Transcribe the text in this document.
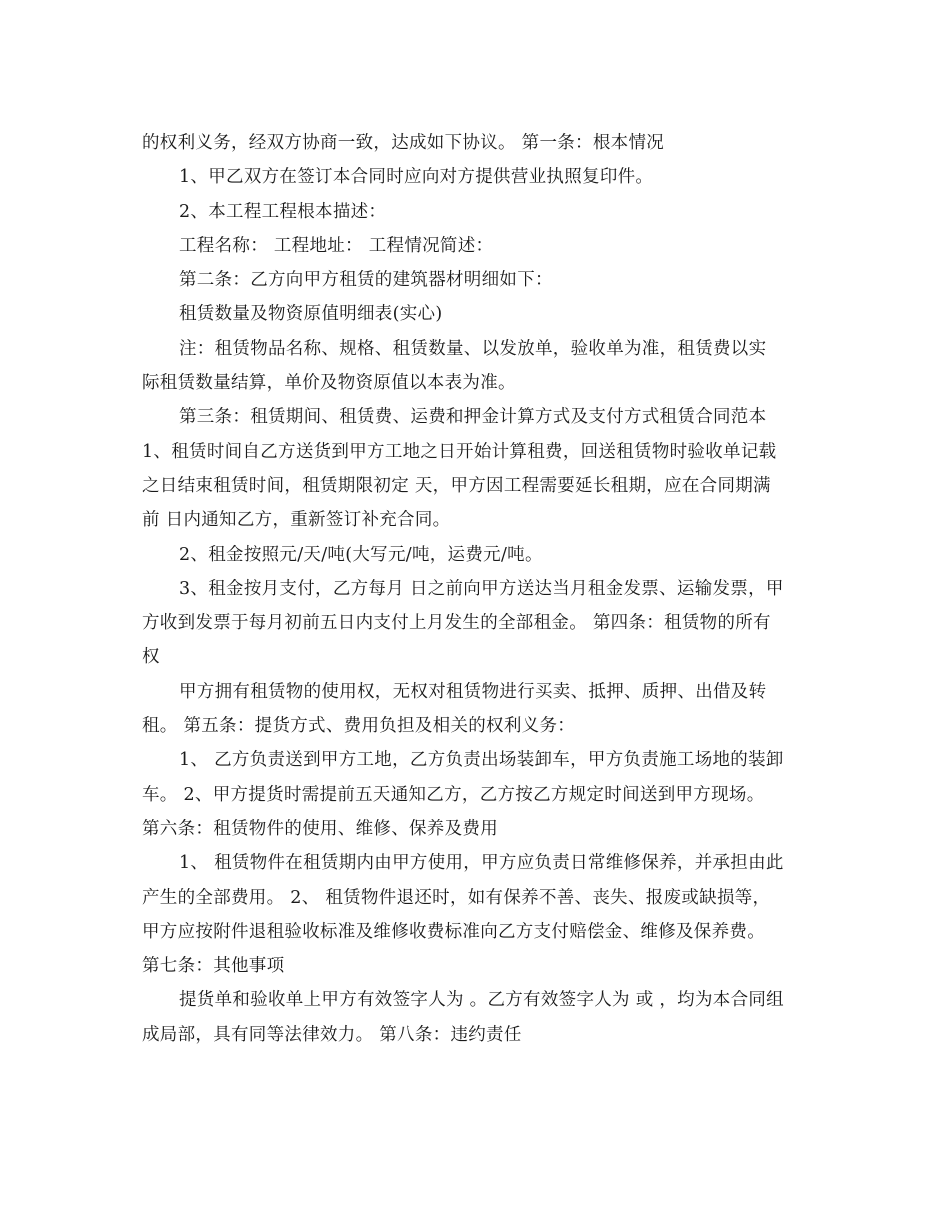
的权利义务，经双方协商一致，达成如下协议。 第一条：根本情况
1、甲乙双方在签订本合同时应向对方提供营业执照复印件。
2、本工程工程根本描述：
工程名称： 工程地址： 工程情况简述：
第二条：乙方向甲方租赁的建筑器材明细如下：
租赁数量及物资原值明细表(实心)
注：租赁物品名称、规格、租赁数量、以发放单，验收单为准，租赁费以实
际租赁数量结算，单价及物资原值以本表为准。
第三条：租赁期间、租赁费、运费和押金计算方式及支付方式租赁合同范本
1、租赁时间自乙方送货到甲方工地之日开始计算租费，回送租赁物时验收单记载
之日结束租赁时间，租赁期限初定 天，甲方因工程需要延长租期，应在合同期满
前 日内通知乙方，重新签订补充合同。
2、租金按照元/天/吨(大写元/吨，运费元/吨。
3、租金按月支付，乙方每月 日之前向甲方送达当月租金发票、运输发票，甲
方收到发票于每月初前五日内支付上月发生的全部租金。 第四条：租赁物的所有
权
甲方拥有租赁物的使用权，无权对租赁物进行买卖、抵押、质押、出借及转
租。 第五条：提货方式、费用负担及相关的权利义务：
1、 乙方负责送到甲方工地，乙方负责出场装卸车，甲方负责施工场地的装卸
车。 2、甲方提货时需提前五天通知乙方，乙方按乙方规定时间送到甲方现场。
第六条：租赁物件的使用、维修、保养及费用
1、 租赁物件在租赁期内由甲方使用，甲方应负责日常维修保养，并承担由此
产生的全部费用。 2、 租赁物件退还时，如有保养不善、丧失、报废或缺损等，
甲方应按附件退租验收标准及维修收费标准向乙方支付赔偿金、维修及保养费。
第七条：其他事项
提货单和验收单上甲方有效签字人为 。乙方有效签字人为 或 ，均为本合同组
成局部，具有同等法律效力。 第八条：违约责任
